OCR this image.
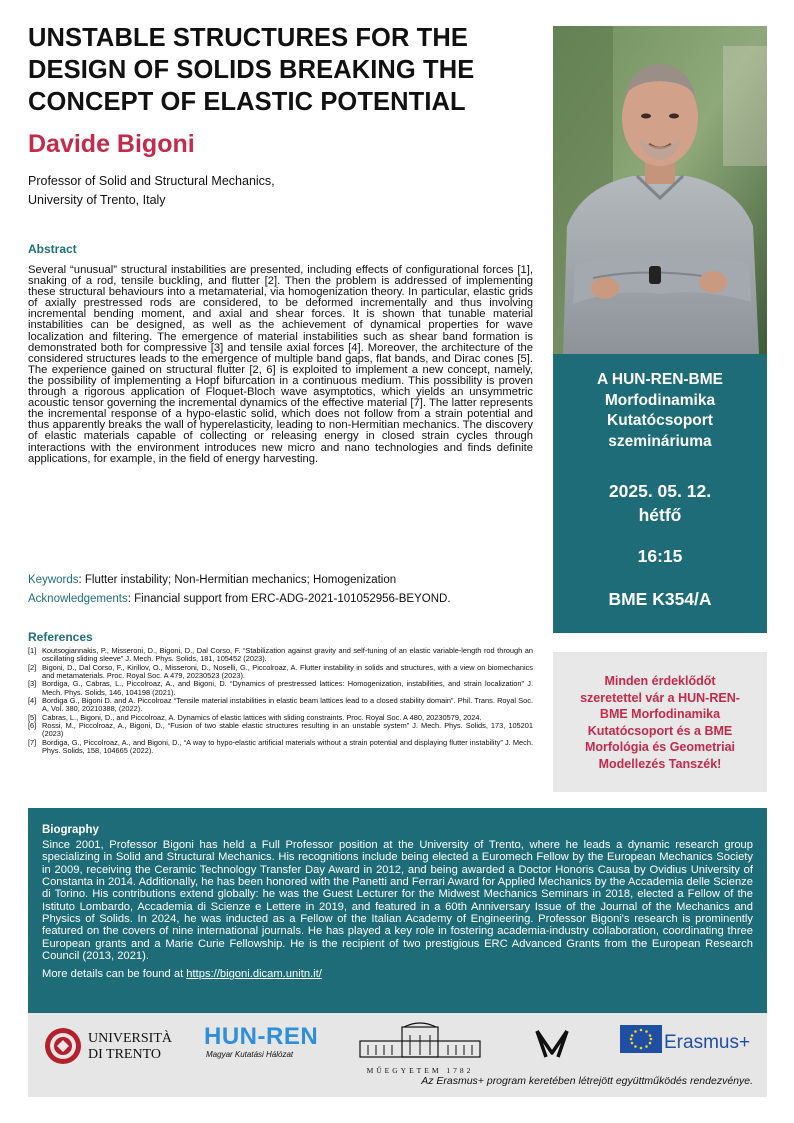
UNSTABLE STRUCTURES FOR THE
DESIGN OF SOLIDS BREAKING THE
CONCEPT OF ELASTIC POTENTIAL
Davide Bigoni
Professor of Solid and Structural Mechanics,
University of Trento, Italy
Abstract
Several “unusual” structural instabilities are presented, including effects of configurational forces [1], snaking of a rod, tensile buckling, and flutter [2]. Then the problem is addressed of implementing these structural behaviours into a metamaterial, via homogenization theory. In particular, elastic grids of axially prestressed rods are considered, to be deformed incrementally and thus involving incremental bending moment, and axial and shear forces. It is shown that tunable material instabilities can be designed, as well as the achievement of dynamical properties for wave localization and filtering. The emergence of material instabilities such as shear band formation is demonstrated both for compressive [3] and tensile axial forces [4]. Moreover, the architecture of the considered structures leads to the emergence of multiple band gaps, flat bands, and Dirac cones [5]. The experience gained on structural flutter [2, 6] is exploited to implement a new concept, namely, the possibility of implementing a Hopf bifurcation in a continuous medium. This possibility is proven through a rigorous application of Floquet-Bloch wave asymptotics, which yields an unsymmetric acoustic tensor governing the incremental dynamics of the effective material [7]. The latter represents the incremental response of a hypo-elastic solid, which does not follow from a strain potential and thus apparently breaks the wall of hyperelasticity, leading to non-Hermitian mechanics. The discovery of elastic materials capable of collecting or releasing energy in closed strain cycles through interactions with the environment introduces new micro and nano technologies and finds definite applications, for example, in the field of energy harvesting.
Keywords: Flutter instability; Non-Hermitian mechanics; Homogenization
Acknowledgements: Financial support from ERC-ADG-2021-101052956-BEYOND.
References
[1] Koutsogiannakis, P., Misseroni, D., Bigoni, D., Dal Corso, F. “Stabilization against gravity and self-tuning of an elastic variable-length rod through an oscillating sliding sleeve” J. Mech. Phys. Solids, 181, 105452 (2023).
[2] Bigoni, D., Dal Corso, F., Kirillov, O., Misseroni, D., Noselli, G., Piccolroaz, A. Flutter instability in solids and structures, with a view on biomechanics and metamaterials. Proc. Royal Soc. A 479, 20230523 (2023).
[3] Bordiga, G., Cabras, L., Piccolroaz, A., and Bigoni, D. “Dynamics of prestressed lattices: Homogenization, instabilities, and strain localization” J. Mech. Phys. Solids, 146, 104198 (2021).
[4] Bordiga G., Bigoni D. and A. Piccolroaz “Tensile material instabilities in elastic beam lattices lead to a closed stability domain”. Phil. Trans. Royal Soc. A, Vol. 380, 20210388, (2022).
[5] Cabras, L., Bigoni, D., and Piccolroaz, A. Dynamics of elastic lattices with sliding constraints. Proc. Royal Soc. A 480, 20230579, 2024.
[6] Rossi, M., Piccolroaz, A., Bigoni, D., “Fusion of two stable elastic structures resulting in an unstable system” J. Mech. Phys. Solids, 173, 105201 (2023)
[7] Bordiga, G., Piccolroaz, A., and Bigoni, D., “A way to hypo-elastic artificial materials without a strain potential and displaying flutter instability” J. Mech. Phys. Solids, 158, 104665 (2022).
A HUN-REN-BME
Morfodinamika
Kutatócsoport
szemináriuma
2025. 05. 12.
hétfő
16:15
BME K354/A
Minden érdeklődőt
szeretettel vár a HUN-REN-
BME Morfodinamika
Kutatócsoport és a BME
Morfológia és Geometriai
Modellezés Tanszék!
Biography
Since 2001, Professor Bigoni has held a Full Professor position at the University of Trento, where he leads a dynamic research group specializing in Solid and Structural Mechanics. His recognitions include being elected a Euromech Fellow by the European Mechanics Society in 2009, receiving the Ceramic Technology Transfer Day Award in 2012, and being awarded a Doctor Honoris Causa by Ovidius University of Constanta in 2014. Additionally, he has been honored with the Panetti and Ferrari Award for Applied Mechanics by the Accademia delle Scienze di Torino. His contributions extend globally: he was the Guest Lecturer for the Midwest Mechanics Seminars in 2018, elected a Fellow of the Istituto Lombardo, Accademia di Scienze e Lettere in 2019, and featured in a 60th Anniversary Issue of the Journal of the Mechanics and Physics of Solids. In 2024, he was inducted as a Fellow of the Italian Academy of Engineering. Professor Bigoni's research is prominently featured on the covers of nine international journals. He has played a key role in fostering academia-industry collaboration, coordinating three European grants and a Marie Curie Fellowship. He is the recipient of two prestigious ERC Advanced Grants from the European Research Council (2013, 2021).
More details can be found at https://bigoni.dicam.unitn.it/
UNIVERSITÀ
DI TRENTO
HUN-REN
Magyar Kutatási Hálózat
MŰEGYETEM 1782
Erasmus+
Az Erasmus+ program keretében létrejött együttműködés rendezvénye.
